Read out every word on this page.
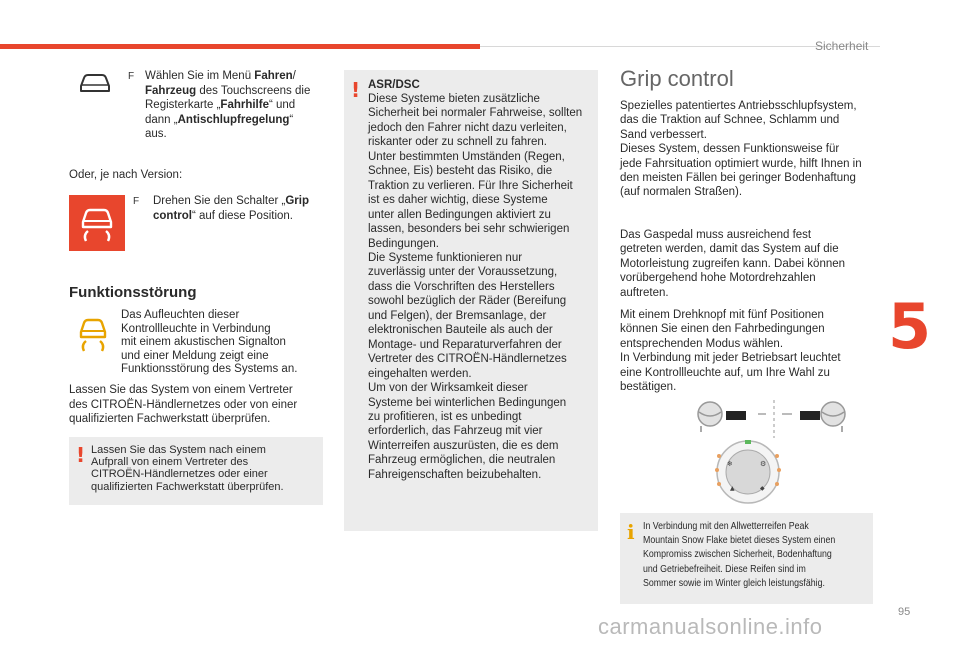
Sicherheit
5
95
F Wählen Sie im Menü Fahren/
Fahrzeug des Touchscreens die
Registerkarte „Fahrhilfe“ und
dann „Antischlupfregelung“
aus.
Oder, je nach Version:
F Drehen Sie den Schalter „Grip
control“ auf diese Position.
Funktionsstörung
Das Aufleuchten dieser
Kontrollleuchte in Verbindung
mit einem akustischen Signalton
und einer Meldung zeigt eine
Funktionsstörung des Systems an.
Lassen Sie das System von einem Vertreter
des CITROËN-Händlernetzes oder von einer
qualifizierten Fachwerkstatt überprüfen.
! Lassen Sie das System nach einem
Aufprall von einem Vertreter des
CITROËN-Händlernetzes oder einer
qualifizierten Fachwerkstatt überprüfen.
! ASR/DSC
Diese Systeme bieten zusätzliche
Sicherheit bei normaler Fahrweise, sollten
jedoch den Fahrer nicht dazu verleiten,
riskanter oder zu schnell zu fahren.
Unter bestimmten Umständen (Regen,
Schnee, Eis) besteht das Risiko, die
Traktion zu verlieren. Für Ihre Sicherheit
ist es daher wichtig, diese Systeme
unter allen Bedingungen aktiviert zu
lassen, besonders bei sehr schwierigen
Bedingungen.
Die Systeme funktionieren nur
zuverlässig unter der Voraussetzung,
dass die Vorschriften des Herstellers
sowohl bezüglich der Räder (Bereifung
und Felgen), der Bremsanlage, der
elektronischen Bauteile als auch der
Montage- und Reparaturverfahren der
Vertreter des CITROËN-Händlernetzes
eingehalten werden.
Um von der Wirksamkeit dieser
Systeme bei winterlichen Bedingungen
zu profitieren, ist es unbedingt
erforderlich, das Fahrzeug mit vier
Winterreifen auszurüsten, die es dem
Fahrzeug ermöglichen, die neutralen
Fahreigenschaften beizubehalten.
Grip control
Spezielles patentiertes Antriebsschlupfsystem,
das die Traktion auf Schnee, Schlamm und
Sand verbessert.
Dieses System, dessen Funktionsweise für
jede Fahrsituation optimiert wurde, hilft Ihnen in
den meisten Fällen bei geringer Bodenhaftung
(auf normalen Straßen).
Das Gaspedal muss ausreichend fest
getreten werden, damit das System auf die
Motorleistung zugreifen kann. Dabei können
vorübergehend hohe Motordrehzahlen
auftreten.
Mit einem Drehknopf mit fünf Positionen
können Sie einen den Fahrbedingungen
entsprechenden Modus wählen.
In Verbindung mit jeder Betriebsart leuchtet
eine Kontrollleuchte auf, um Ihre Wahl zu
bestätigen.
❄	⚙
▲	◆
i In Verbindung mit den Allwetterreifen Peak
Mountain Snow Flake bietet dieses System einen
Kompromiss zwischen Sicherheit, Bodenhaftung
und Getriebefreiheit. Diese Reifen sind im
Sommer sowie im Winter gleich leistungsfähig.
carmanualsonline.info
